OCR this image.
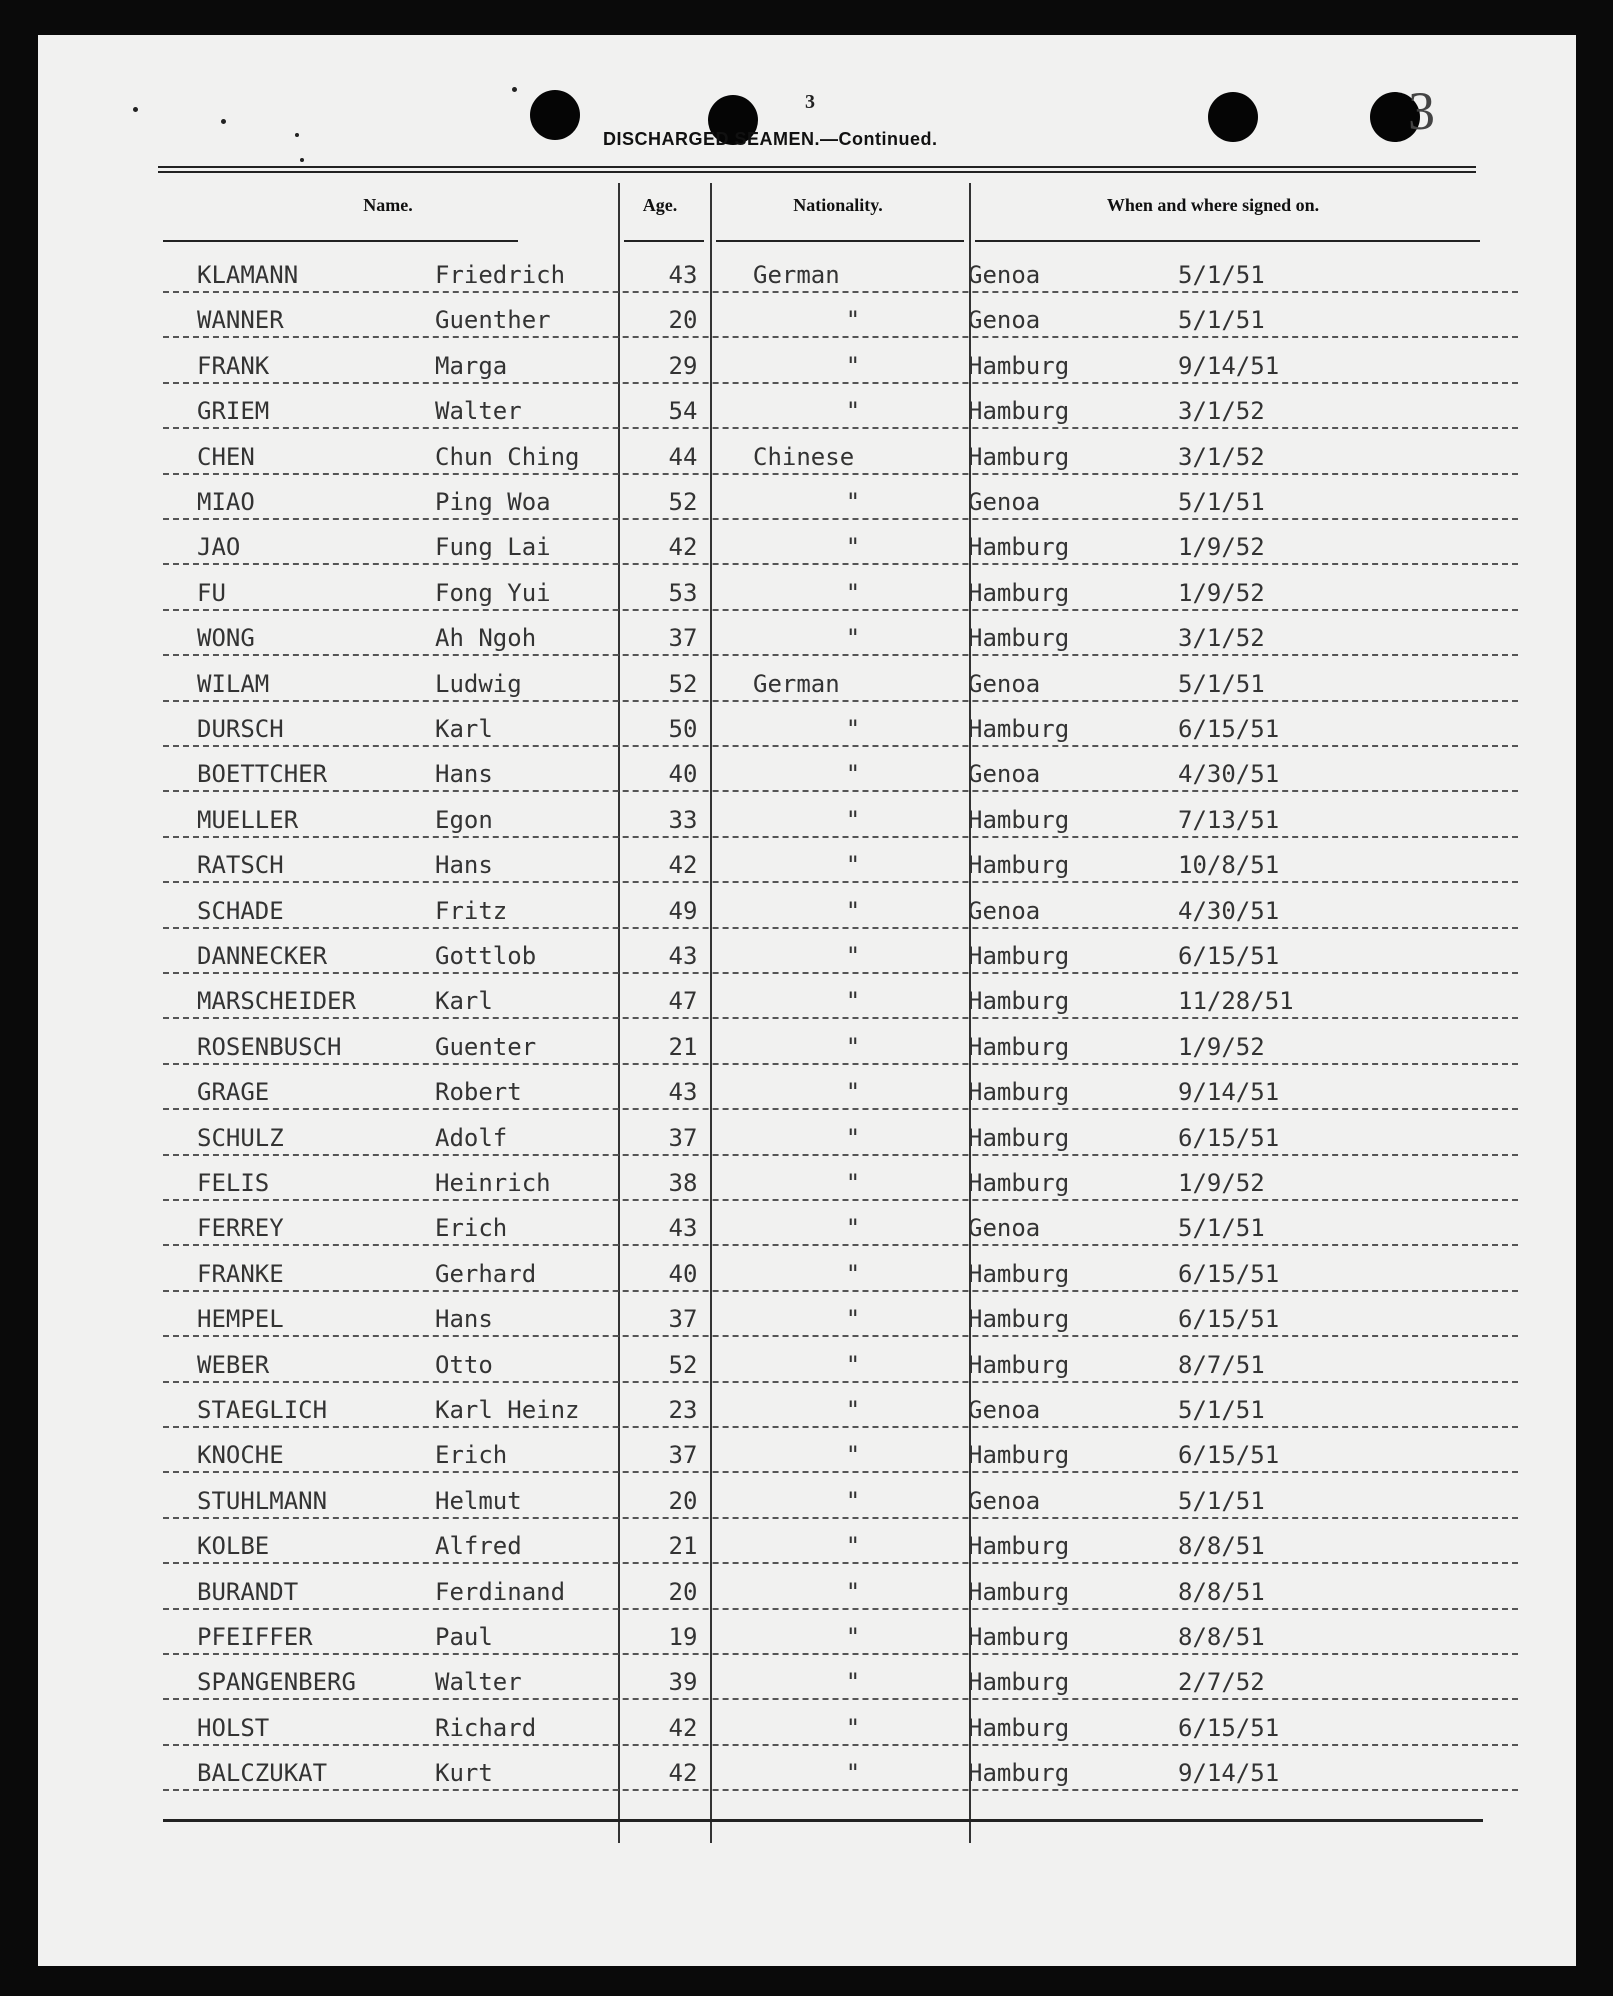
3
3
DISCHARGED SEAMEN.—Continued.
Name.	Age.	Nationality.	When and where signed on.
KLAMANN	Friedrich	43	German	Genoa	5/1/51
WANNER	Guenther	20	"	Genoa	5/1/51
FRANK	Marga	29	"	Hamburg	9/14/51
GRIEM	Walter	54	"	Hamburg	3/1/52
CHEN	Chun Ching	44	Chinese	Hamburg	3/1/52
MIAO	Ping Woa	52	"	Genoa	5/1/51
JAO	Fung Lai	42	"	Hamburg	1/9/52
FU	Fong Yui	53	"	Hamburg	1/9/52
WONG	Ah Ngoh	37	"	Hamburg	3/1/52
WILAM	Ludwig	52	German	Genoa	5/1/51
DURSCH	Karl	50	"	Hamburg	6/15/51
BOETTCHER	Hans	40	"	Genoa	4/30/51
MUELLER	Egon	33	"	Hamburg	7/13/51
RATSCH	Hans	42	"	Hamburg	10/8/51
SCHADE	Fritz	49	"	Genoa	4/30/51
DANNECKER	Gottlob	43	"	Hamburg	6/15/51
MARSCHEIDER	Karl	47	"	Hamburg	11/28/51
ROSENBUSCH	Guenter	21	"	Hamburg	1/9/52
GRAGE	Robert	43	"	Hamburg	9/14/51
SCHULZ	Adolf	37	"	Hamburg	6/15/51
FELIS	Heinrich	38	"	Hamburg	1/9/52
FERREY	Erich	43	"	Genoa	5/1/51
FRANKE	Gerhard	40	"	Hamburg	6/15/51
HEMPEL	Hans	37	"	Hamburg	6/15/51
WEBER	Otto	52	"	Hamburg	8/7/51
STAEGLICH	Karl Heinz	23	"	Genoa	5/1/51
KNOCHE	Erich	37	"	Hamburg	6/15/51
STUHLMANN	Helmut	20	"	Genoa	5/1/51
KOLBE	Alfred	21	"	Hamburg	8/8/51
BURANDT	Ferdinand	20	"	Hamburg	8/8/51
PFEIFFER	Paul	19	"	Hamburg	8/8/51
SPANGENBERG	Walter	39	"	Hamburg	2/7/52
HOLST	Richard	42	"	Hamburg	6/15/51
BALCZUKAT	Kurt	42	"	Hamburg	9/14/51
